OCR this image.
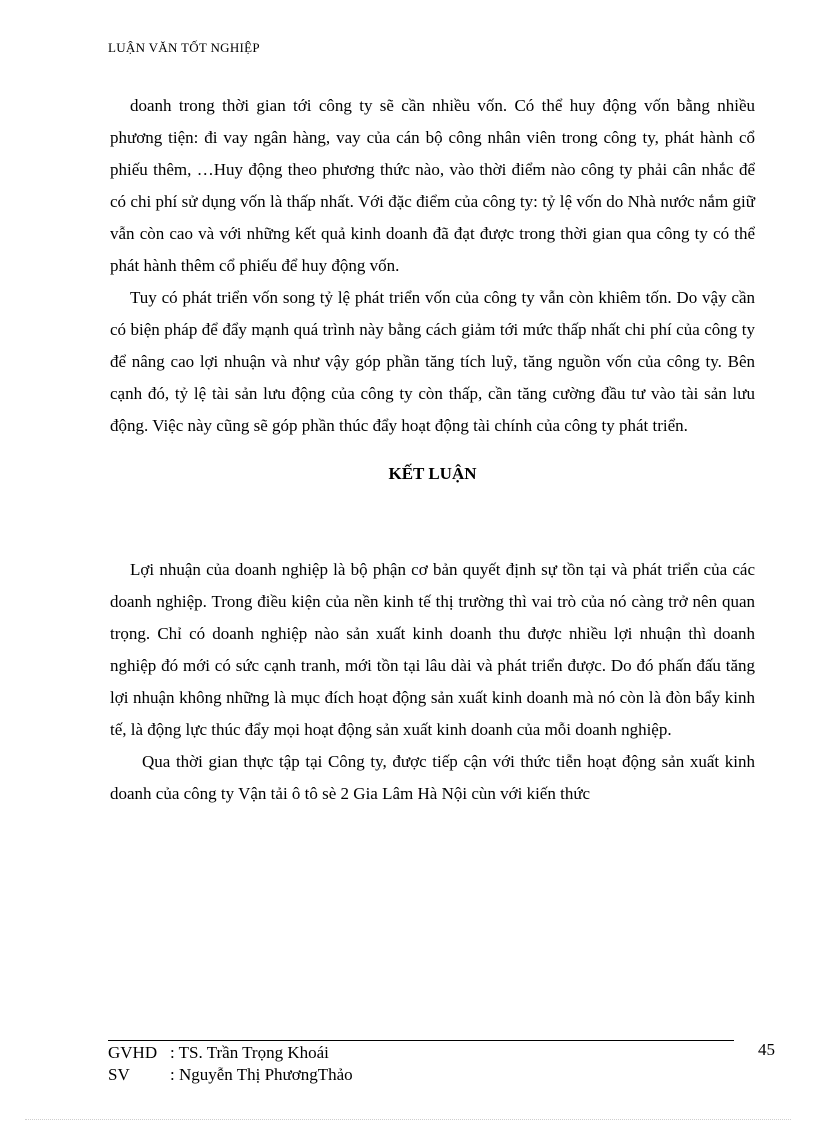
LUẬN VĂN TỐT NGHIỆP

doanh trong thời gian tới công ty sẽ cần nhiều vốn. Có thể huy động vốn bằng nhiều phương tiện: đi vay ngân hàng, vay của cán bộ công nhân viên trong công ty, phát hành cổ phiếu thêm, …Huy động theo phương thức nào, vào thời điểm nào công ty phải cân nhắc để có chi phí sử dụng vốn là thấp nhất. Với đặc điểm của công ty: tỷ lệ vốn do Nhà nước nắm giữ vẫn còn cao và với những kết quả kinh doanh đã đạt được trong thời gian qua công ty có thể phát hành thêm cổ phiếu để huy động vốn.

Tuy có phát triển vốn song tỷ lệ phát triển vốn của công ty vẫn còn khiêm tốn. Do vậy cần có biện pháp để đẩy mạnh quá trình này bằng cách giảm tới mức thấp nhất chi phí của công ty để nâng cao lợi nhuận và như vậy góp phần tăng tích luỹ, tăng nguồn vốn của công ty. Bên cạnh đó, tỷ lệ tài sản lưu động của công ty còn thấp, cần tăng cường đầu tư vào tài sản lưu động. Việc này cũng sẽ góp phần thúc đẩy hoạt động tài chính của công ty phát triển.

KẾT LUẬN

Lợi nhuận của doanh nghiệp là bộ phận cơ bản quyết định sự tồn tại và phát triển của các doanh nghiệp. Trong điều kiện của nền kinh tế thị trường thì vai trò của nó càng trở nên quan trọng. Chỉ có doanh nghiệp nào sản xuất kinh doanh thu được nhiều lợi nhuận thì doanh nghiệp đó mới có sức cạnh tranh, mới tồn tại lâu dài và phát triển được. Do đó phấn đấu tăng lợi nhuận không những là mục đích hoạt động sản xuất kinh doanh mà nó còn là đòn bẩy kinh tế, là động lực thúc đẩy mọi hoạt động sản xuất kinh doanh của mỗi doanh nghiệp.

Qua thời gian thực tập tại Công ty, được tiếp cận với thức tiễn hoạt động sản xuất kinh doanh của công ty Vận tải ô tô sè 2 Gia Lâm Hà Nội cùn với kiến thức

GVHD : TS. Trần Trọng Khoái
SV : Nguyễn Thị PhươngThảo
45
